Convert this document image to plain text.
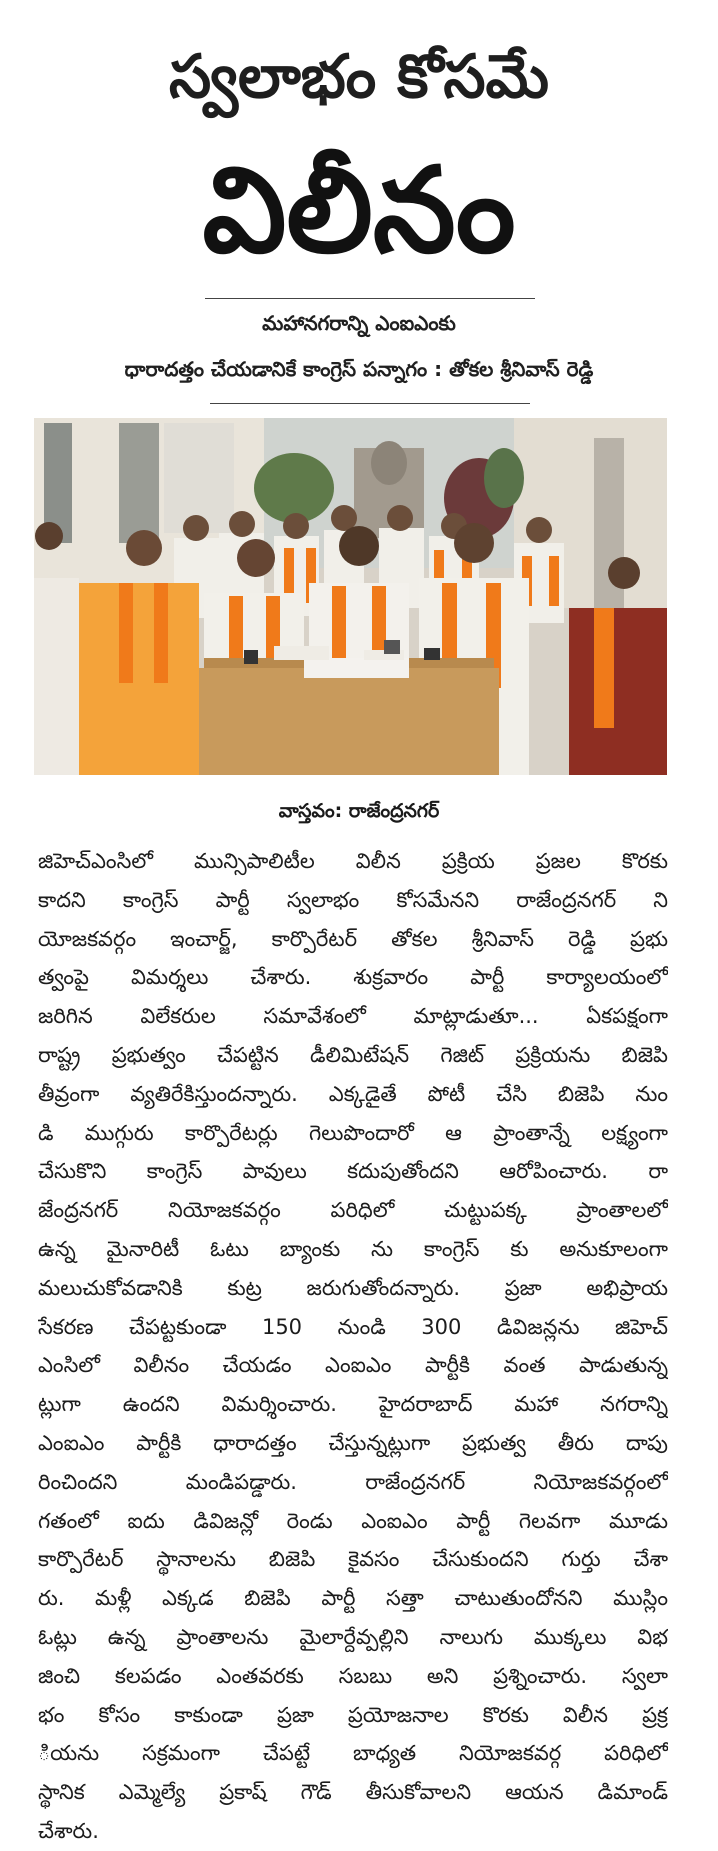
స్వలాభం కోసమే
విలీనం
మహానగరాన్ని ఎంఐఎంకు
ధారాదత్తం చేయడానికే కాంగ్రెస్ పన్నాగం : తోకల శ్రీనివాస్ రెడ్డి
వాస్తవం: రాజేంద్రనగర్
జిహెచ్ఎంసిలో మున్సిపాలిటీల విలీన ప్రక్రియ ప్రజల కొరకు
కాదని కాంగ్రెస్ పార్టీ స్వలాభం కోసమేనని రాజేంద్రనగర్ ని
యోజకవర్గం ఇంచార్జ్, కార్పొరేటర్ తోకల శ్రీనివాస్ రెడ్డి ప్రభు
త్వంపై విమర్శలు చేశారు. శుక్రవారం పార్టీ కార్యాలయంలో
జరిగిన విలేకరుల సమావేశంలో మాట్లాడుతూ... ఏకపక్షంగా
రాష్ట్ర ప్రభుత్వం చేపట్టిన డీలిమిటేషన్ గెజిట్ ప్రక్రియను బిజెపి
తీవ్రంగా వ్యతిరేకిస్తుందన్నారు. ఎక్కడైతే పోటీ చేసి బిజెపి నుం
డి ముగ్గురు కార్పొరేటర్లు గెలుపొందారో ఆ ప్రాంతాన్నే లక్ష్యంగా
చేసుకొని కాంగ్రెస్ పావులు కదుపుతోందని ఆరోపించారు. రా
జేంద్రనగర్ నియోజకవర్గం పరిధిలో చుట్టుపక్క ప్రాంతాలలో
ఉన్న మైనారిటీ ఓటు బ్యాంకు ను కాంగ్రెస్ కు అనుకూలంగా
మలుచుకోవడానికి కుట్ర జరుగుతోందన్నారు. ప్రజా అభిప్రాయ
సేకరణ చేపట్టకుండా 150 నుండి 300 డివిజన్లను జిహెచ్
ఎంసిలో విలీనం చేయడం ఎంఐఎం పార్టీకి వంత పాడుతున్న
ట్లుగా ఉందని విమర్శించారు. హైదరాబాద్ మహా నగరాన్ని
ఎంఐఎం పార్టీకి ధారాదత్తం చేస్తున్నట్లుగా ప్రభుత్వ తీరు దాపు
రించిందని మండిపడ్డారు. రాజేంద్రనగర్ నియోజకవర్గంలో
గతంలో ఐదు డివిజన్లో రెండు ఎంఐఎం పార్టీ గెలవగా మూడు
కార్పొరేటర్ స్థానాలను బిజెపి కైవసం చేసుకుందని గుర్తు చేశా
రు. మళ్లీ ఎక్కడ బిజెపి పార్టీ సత్తా చాటుతుందోనని ముస్లిం
ఓట్లు ఉన్న ప్రాంతాలను మైలార్దేవ్పల్లిని నాలుగు ముక్కలు విభ
జించి కలపడం ఎంతవరకు సబబు అని ప్రశ్నించారు. స్వలా
భం కోసం కాకుండా ప్రజా ప్రయోజనాల కొరకు విలీన ప్రక్ర
ియను సక్రమంగా చేపట్టే బాధ్యత నియోజకవర్గ పరిధిలో
స్థానిక ఎమ్మెల్యే ప్రకాష్ గౌడ్ తీసుకోవాలని ఆయన డిమాండ్
చేశారు.
